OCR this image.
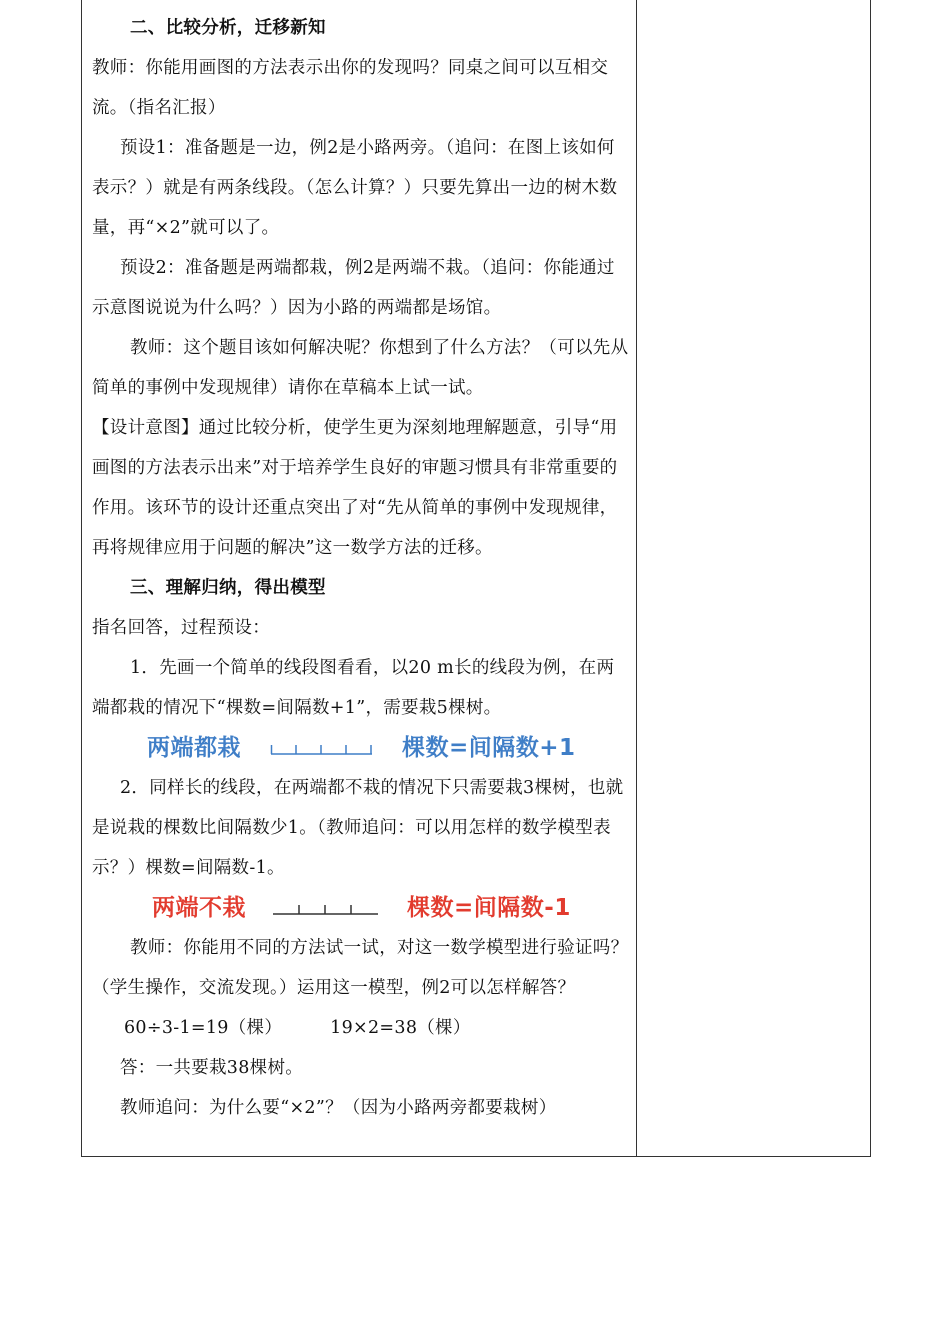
二、比较分析，迁移新知

教师：你能用画图的方法表示出你的发现吗？同桌之间可以互相交流。（指名汇报）

预设1：准备题是一边，例2是小路两旁。（追问：在图上该如何表示？）就是有两条线段。（怎么计算？）只要先算出一边的树木数量，再“×2”就可以了。

预设2：准备题是两端都栽，例2是两端不栽。（追问：你能通过示意图说说为什么吗？）因为小路的两端都是场馆。

教师：这个题目该如何解决呢？你想到了什么方法？（可以先从简单的事例中发现规律）请你在草稿本上试一试。

【设计意图】通过比较分析，使学生更为深刻地理解题意，引导“用画图的方法表示出来”对于培养学生良好的审题习惯具有非常重要的作用。该环节的设计还重点突出了对“先从简单的事例中发现规律，再将规律应用于问题的解决”这一数学方法的迁移。

三、理解归纳，得出模型

指名回答，过程预设：

1．先画一个简单的线段图看看，以20 m长的线段为例，在两端都栽的情况下“棵数=间隔数+1”，需要栽5棵树。

两端都栽	棵数=间隔数+1

2．同样长的线段，在两端都不栽的情况下只需要栽3棵树，也就是说栽的棵数比间隔数少1。（教师追问：可以用怎样的数学模型表示？）棵数=间隔数-1。

两端不栽	棵数=间隔数-1

教师：你能用不同的方法试一试，对这一数学模型进行验证吗？（学生操作，交流发现。）运用这一模型，例2可以怎样解答？

60÷3-1=19（棵）	19×2=38（棵）

答：一共要栽38棵树。

教师追问：为什么要“×2”？（因为小路两旁都要栽树）
